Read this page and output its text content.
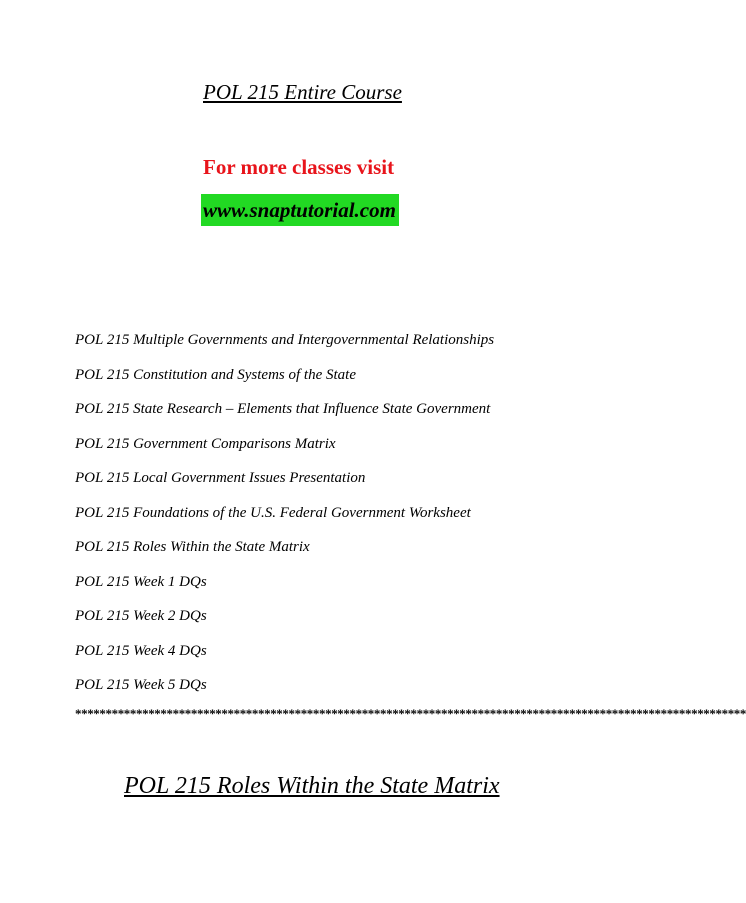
POL 215 Entire Course
For more classes visit
www.snaptutorial.com
POL 215 Multiple Governments and Intergovernmental Relationships
POL 215 Constitution and Systems of the State
POL 215 State Research – Elements that Influence State Government
POL 215 Government Comparisons Matrix
POL 215 Local Government Issues Presentation
POL 215 Foundations of the U.S. Federal Government Worksheet
POL 215 Roles Within the State Matrix
POL 215 Week 1 DQs
POL 215 Week 2 DQs
POL 215 Week 4 DQs
POL 215 Week 5 DQs
**************************************************************************************************************
POL 215 Roles Within the State Matrix
